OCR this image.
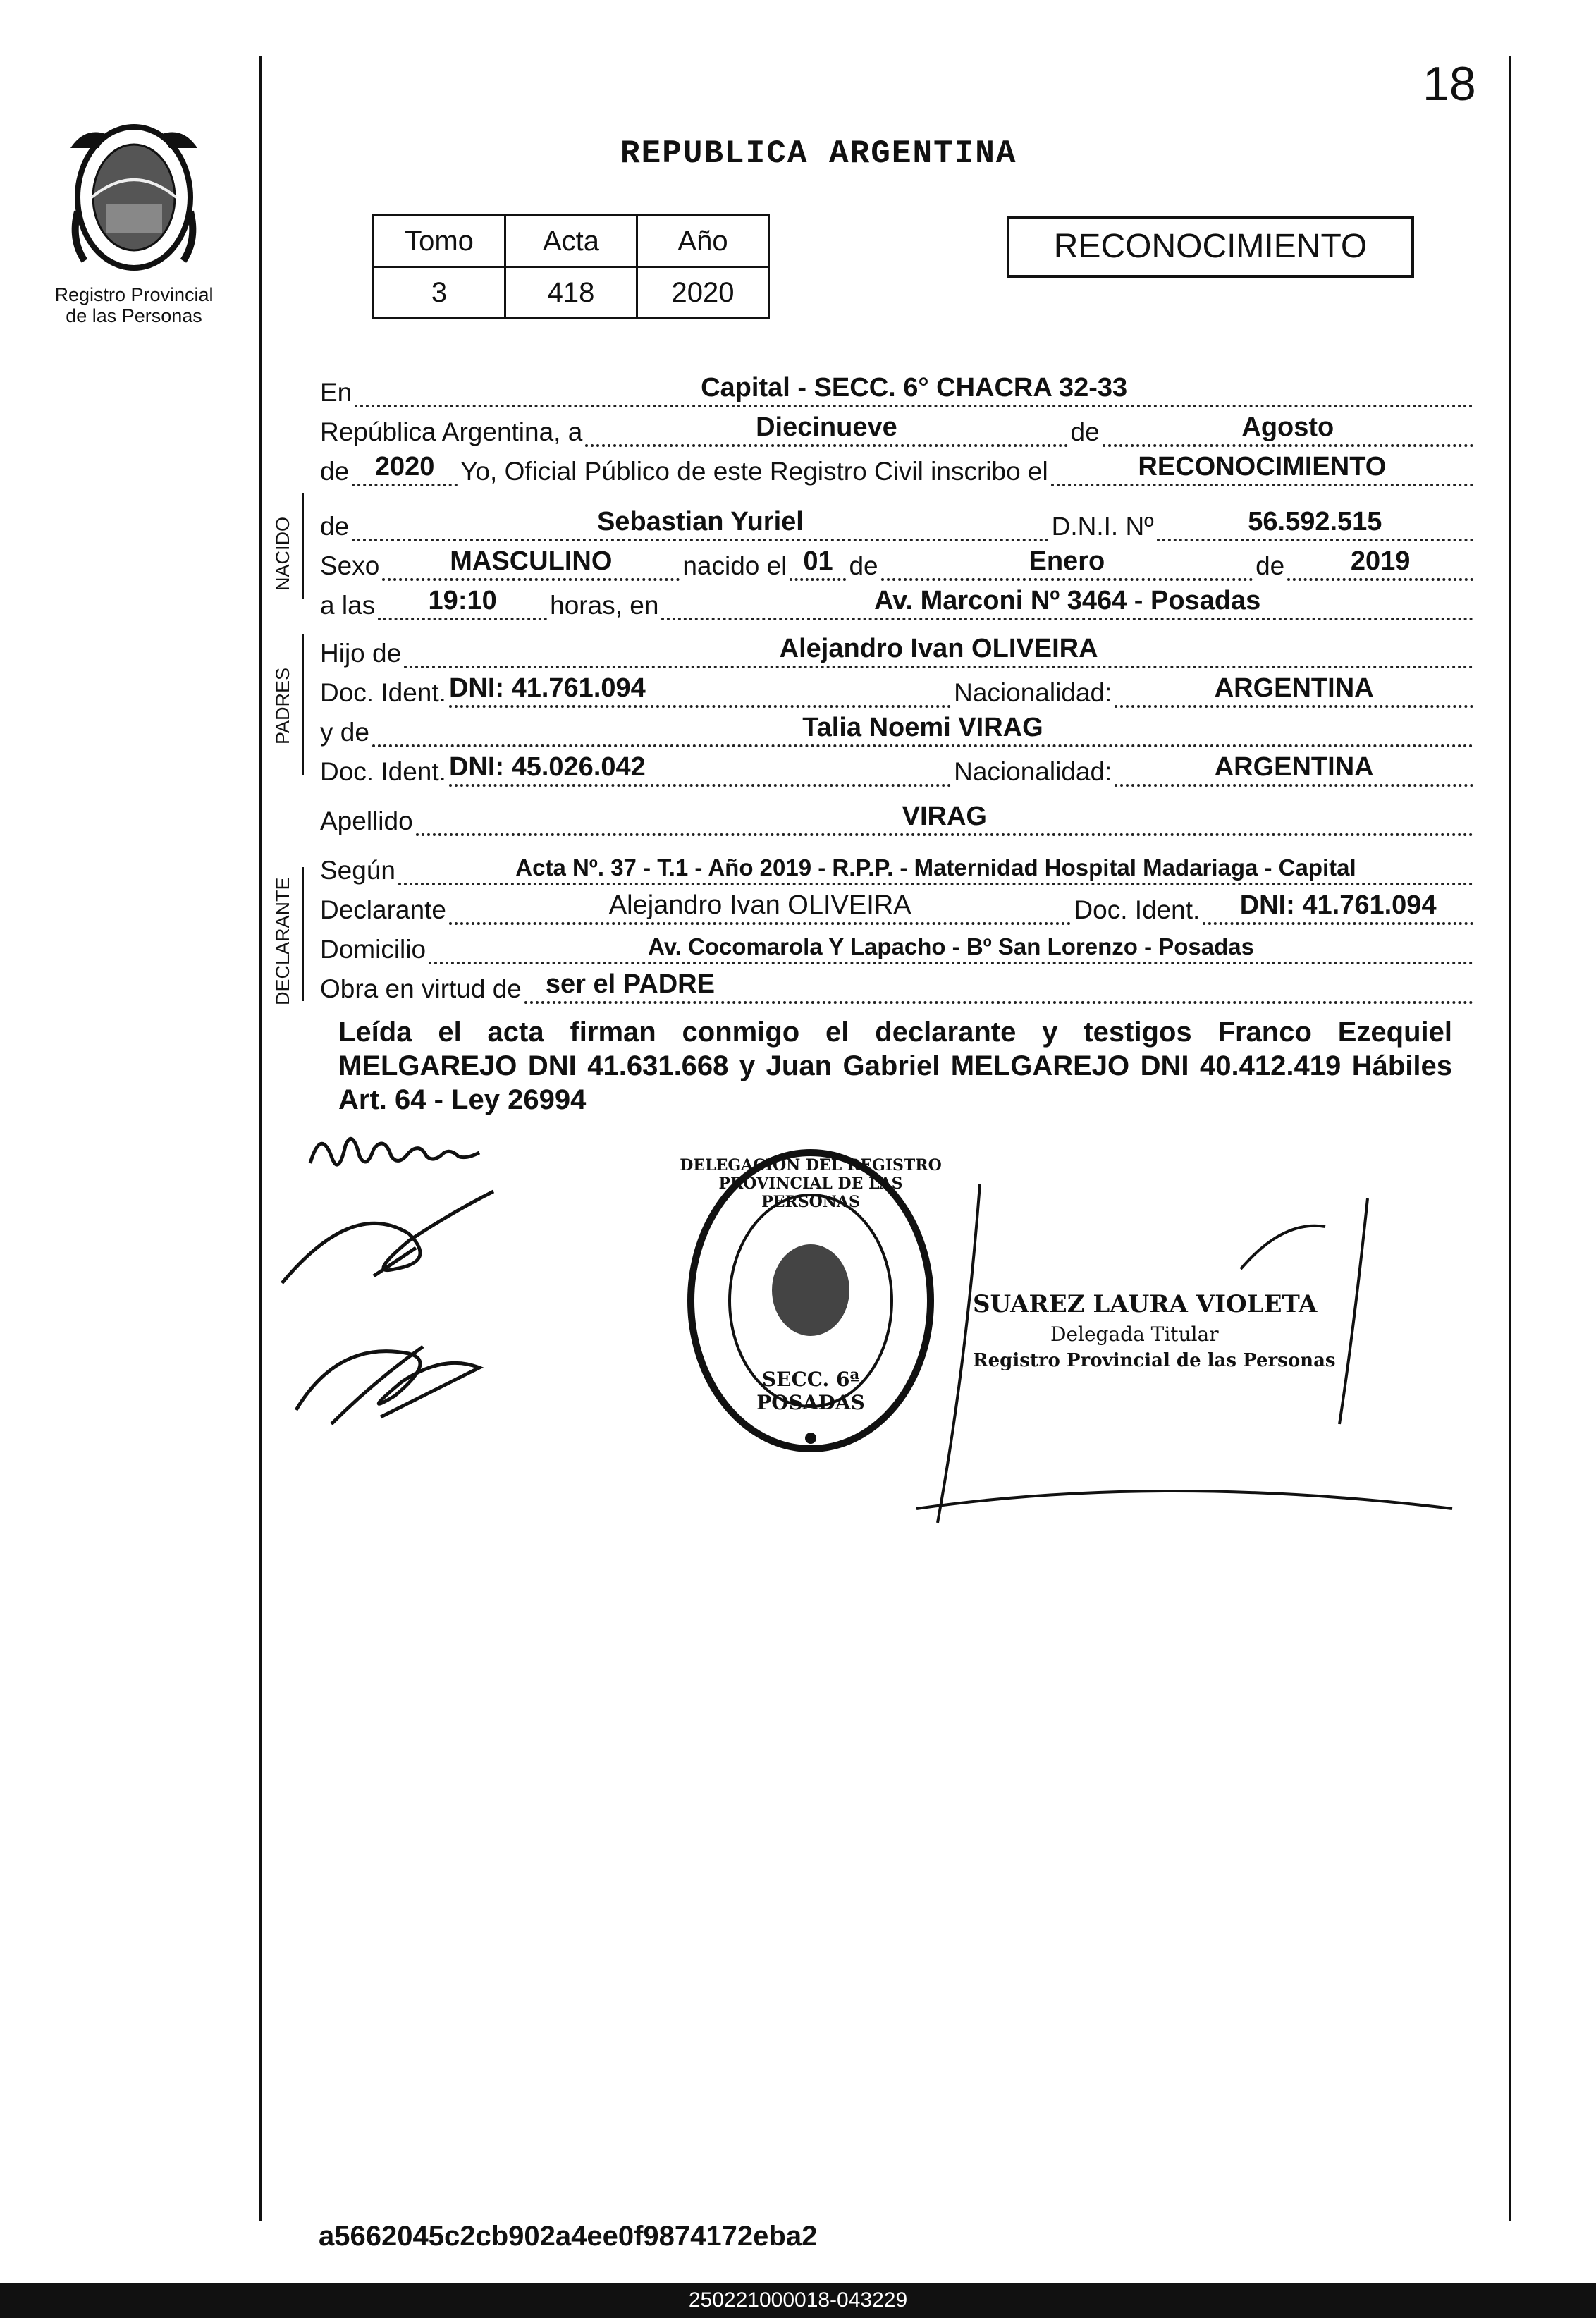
18
Registro Provincial
de las Personas
REPUBLICA ARGENTINA
Tomo	Acta	Año
3	418	2020
RECONOCIMIENTO
En	Capital - SECC. 6° CHACRA 32-33
República Argentina, a	Diecinueve	de	Agosto
de 2020 Yo, Oficial Público de este Registro Civil inscribo el	RECONOCIMIENTO
NACIDO de	Sebastian Yuriel	D.N.I. Nº	56.592.515
Sexo	MASCULINO	nacido el 01 de	Enero	de	2019
a las	19:10	horas, en	Av. Marconi Nº 3464 - Posadas
PADRES
Hijo de	Alejandro Ivan OLIVEIRA
Doc. Ident. DNI: 41.761.094	Nacionalidad:	ARGENTINA
y de	Talia Noemi VIRAG
Doc. Ident. DNI: 45.026.042	Nacionalidad:	ARGENTINA
Apellido	VIRAG
DECLARANTE
Según	Acta Nº. 37 - T.1 - Año 2019 - R.P.P. - Maternidad Hospital Madariaga - Capital
Declarante	Alejandro Ivan OLIVEIRA	Doc. Ident.	DNI: 41.761.094
Domicilio	Av. Cocomarola Y Lapacho - Bº San Lorenzo - Posadas
Obra en virtud de ser el PADRE
Leída el acta firman conmigo el declarante y testigos Franco Ezequiel MELGAREJO DNI 41.631.668 y Juan Gabriel MELGAREJO DNI 40.412.419 Hábiles Art. 64 - Ley 26994
DELEGACION DEL REGISTRO PROVINCIAL DE LAS PERSONAS
SECC. 6ª POSADAS
SUAREZ LAURA VIOLETA
Delegada Titular
Registro Provincial de las Personas
a5662045c2cb902a4ee0f9874172eba2
250221000018-043229
